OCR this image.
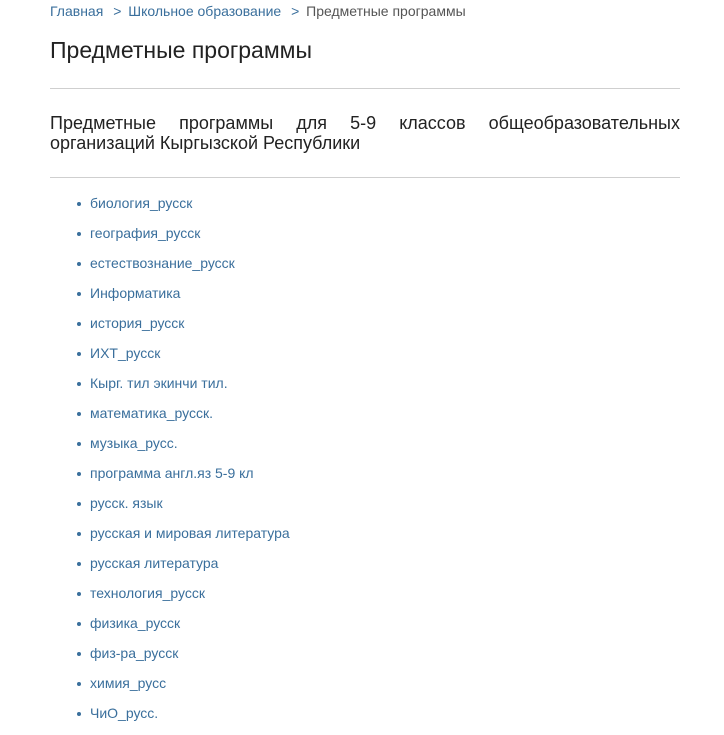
Главная > Школьное образование > Предметные программы
Предметные программы

Предметные программы для 5-9 классов общеобразовательных организаций Кыргызской Республики

биология_русск
география_русск
естествознание_русск
Информатика
история_русск
ИХТ_русск
Кырг. тил экинчи тил.
математика_русск.
музыка_русс.
программа англ.яз 5-9 кл
русск. язык
русская и мировая литература
русская литература
технология_русск
физика_русск
физ-ра_русск
химия_русс
ЧиО_русс.
